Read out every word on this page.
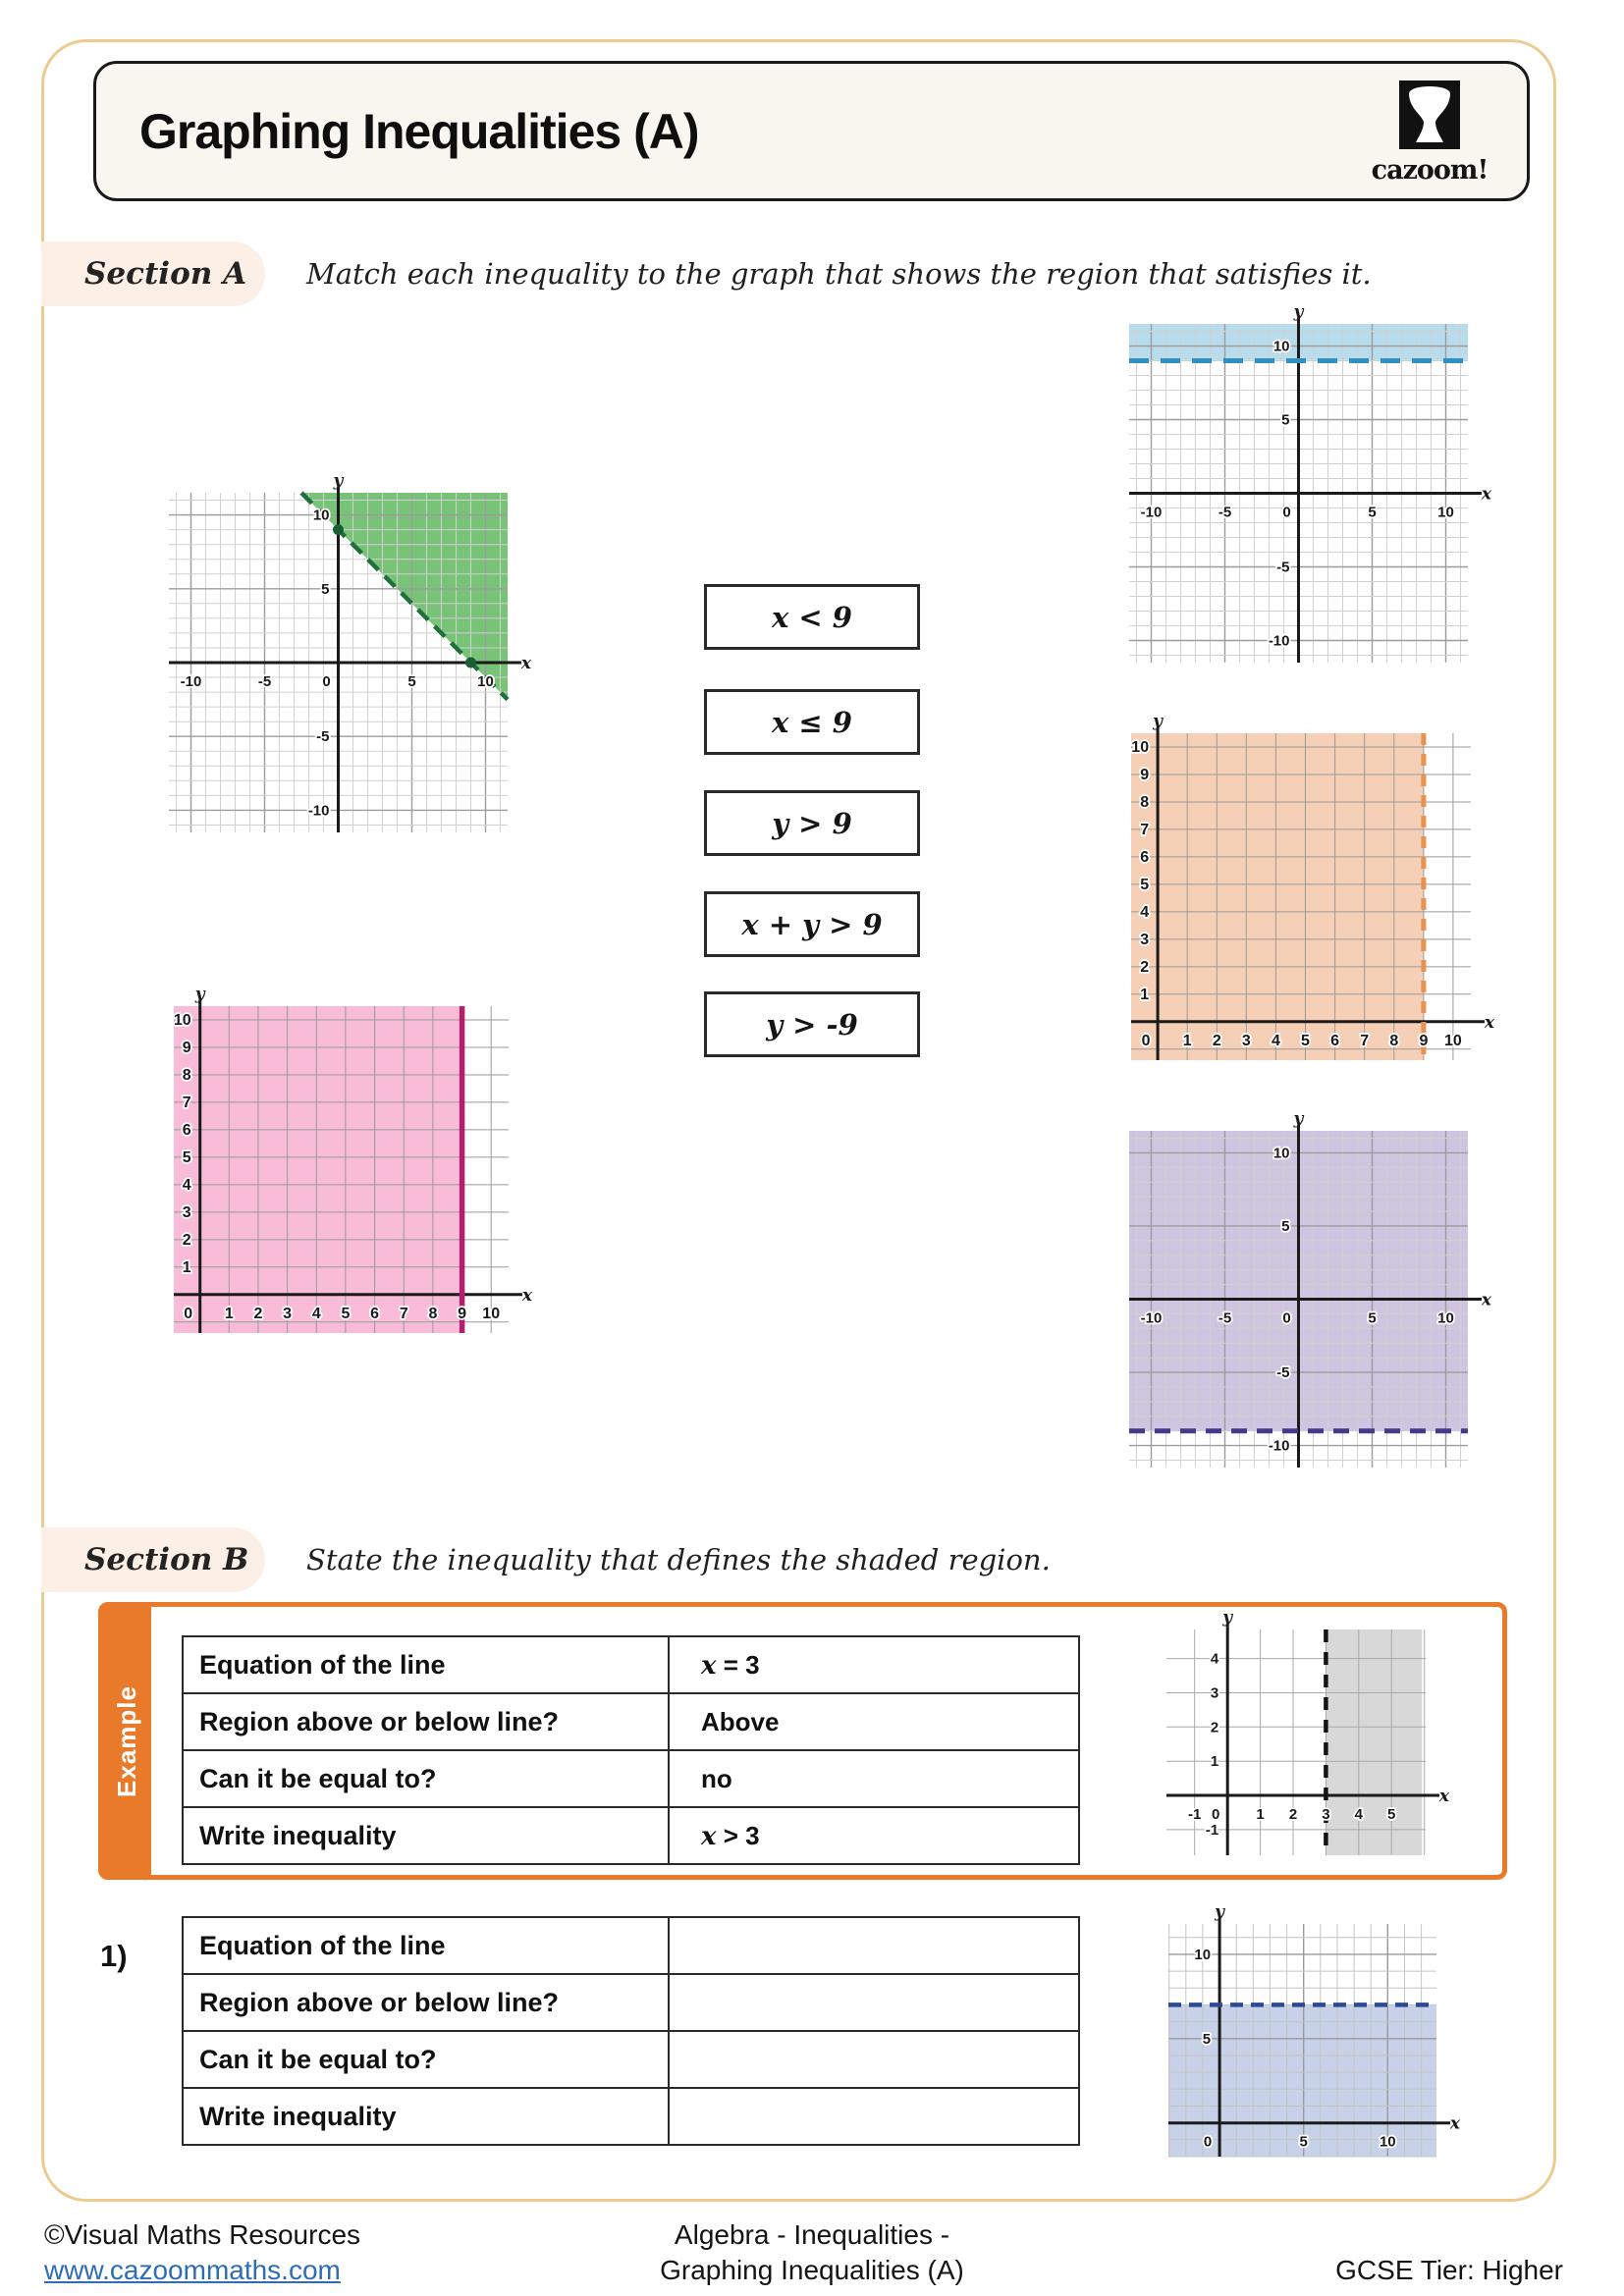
Graphing Inequalities (A)
cazoom!
Section A Match each inequality to the graph that shows the region that satisfies it.
-10	-5	0	5	10
10
5
-5
-10
y
x
-10	-5	0	5	10
10
5
-5
-10
y
x
0 1 2 3 4 5 6 7 8 9 10
1
2
3
4
5
6
7
8
9
10
y
x
0 1 2 3 4 5 6 7 8 9 10
1
2
3
4
5
6
7
8
9
10
y
x
-10	-5	0	5	10
10
5
-5
-10
y
x
x < 9
x ≤ 9
y > 9
x + y > 9
y > -9
Section B State the inequality that defines the shaded region.
Example
Equation of the line	x = 3

Region above or below line?	Above

Can it be equal to?	no

Write inequality	x > 3
-1 0 1 2 3 4 5
-1
1
2
3
4
y
x
1)	Equation of the line	

Region above or below line?	

Can it be equal to?	

Write inequality	

0	5	10
5
10
y
x
©Visual Maths Resources
www.cazoommaths.com
Algebra - Inequalities -
Graphing Inequalities (A)	GCSE Tier: Higher
